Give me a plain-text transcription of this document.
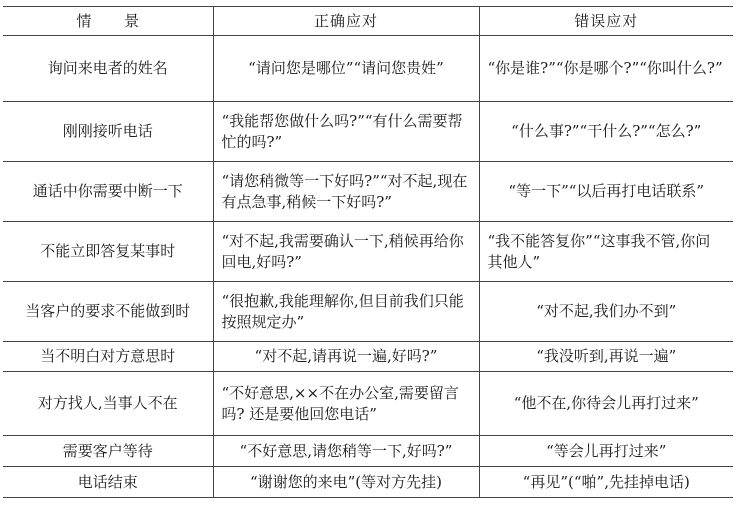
情 景	正确应对	错误应对
询问来电者的姓名	“请问您是哪位”“请问您贵姓”	“你是谁?”“你是哪个?”“你叫什么?”
刚刚接听电话	“我能帮您做什么吗?”“有什么需要帮忙的吗?”	“什么事?”“干什么?”“怎么?”
通话中你需要中断一下	“请您稍微等一下好吗?”“对不起,现在有点急事,稍候一下好吗?”	“等一下”“以后再打电话联系”
不能立即答复某事时	“对不起,我需要确认一下,稍候再给你回电,好吗?”	“我不能答复你”“这事我不管,你问其他人”
当客户的要求不能做到时	“很抱歉,我能理解你,但目前我们只能按照规定办”	“对不起,我们办不到”
当不明白对方意思时	“对不起,请再说一遍,好吗?”	“我没听到,再说一遍”
对方找人,当事人不在	“不好意思,××不在办公室,需要留言吗? 还是要他回您电话”	“他不在,你待会儿再打过来”
需要客户等待	“不好意思,请您稍等一下,好吗?”	“等会儿再打过来”
电话结束	“谢谢您的来电”(等对方先挂)	“再见”(“啪”,先挂掉电话)
